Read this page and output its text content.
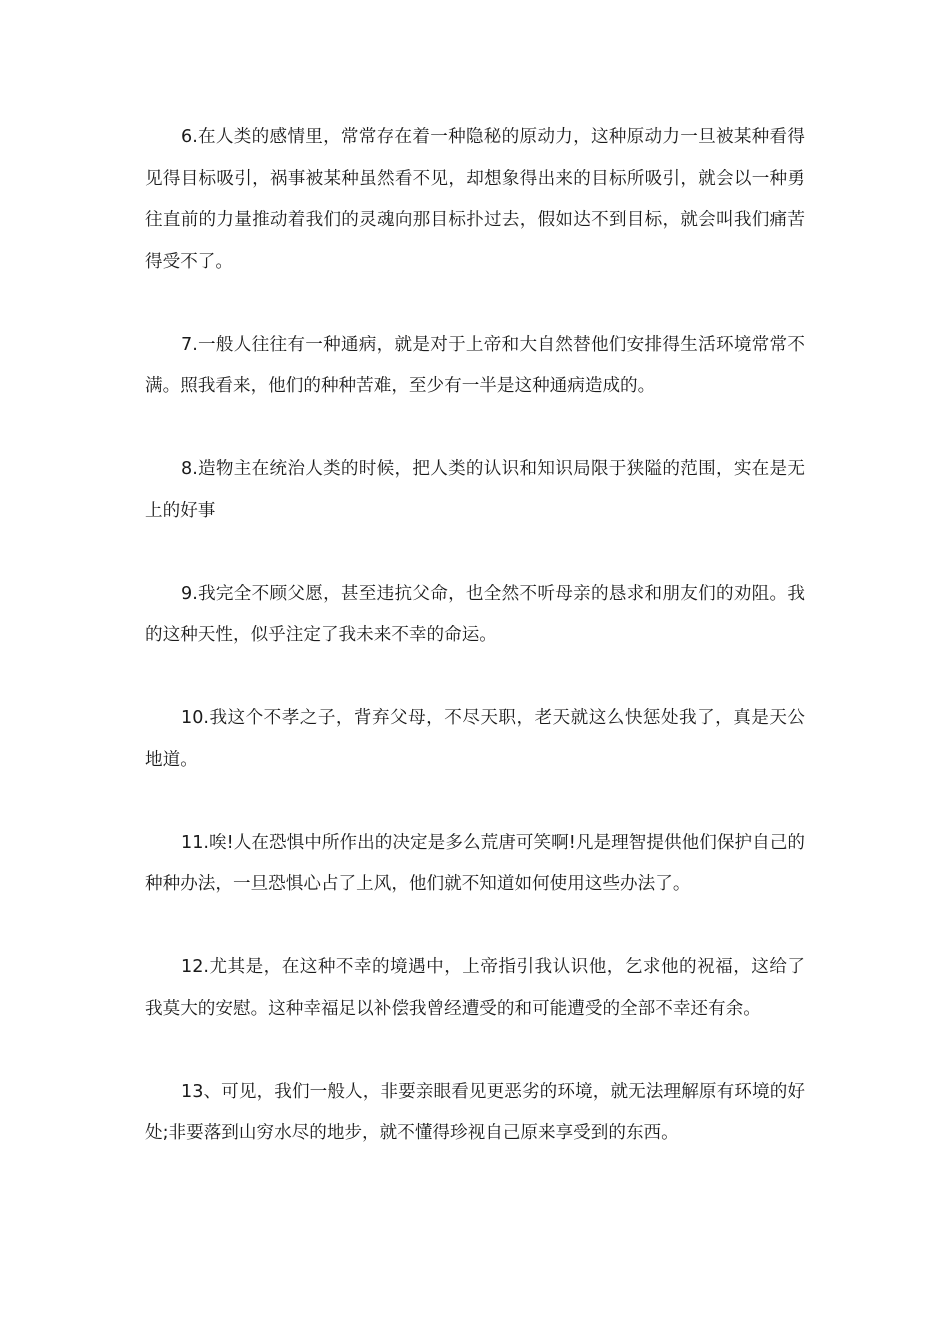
6.在人类的感情里，常常存在着一种隐秘的原动力，这种原动力一旦被某种看得见得目标吸引，祸事被某种虽然看不见，却想象得出来的目标所吸引，就会以一种勇往直前的力量推动着我们的灵魂向那目标扑过去，假如达不到目标，就会叫我们痛苦得受不了。

7.一般人往往有一种通病，就是对于上帝和大自然替他们安排得生活环境常常不满。照我看来，他们的种种苦难，至少有一半是这种通病造成的。

8.造物主在统治人类的时候，把人类的认识和知识局限于狭隘的范围，实在是无上的好事

9.我完全不顾父愿，甚至违抗父命，也全然不听母亲的恳求和朋友们的劝阻。我的这种天性，似乎注定了我未来不幸的命运。

10.我这个不孝之子，背弃父母，不尽天职，老天就这么快惩处我了，真是天公地道。

11.唉!人在恐惧中所作出的决定是多么荒唐可笑啊!凡是理智提供他们保护自己的种种办法，一旦恐惧心占了上风，他们就不知道如何使用这些办法了。

12.尤其是，在这种不幸的境遇中，上帝指引我认识他，乞求他的祝福，这给了我莫大的安慰。这种幸福足以补偿我曾经遭受的和可能遭受的全部不幸还有余。

13、可见，我们一般人，非要亲眼看见更恶劣的环境，就无法理解原有环境的好处;非要落到山穷水尽的地步，就不懂得珍视自己原来享受到的东西。
